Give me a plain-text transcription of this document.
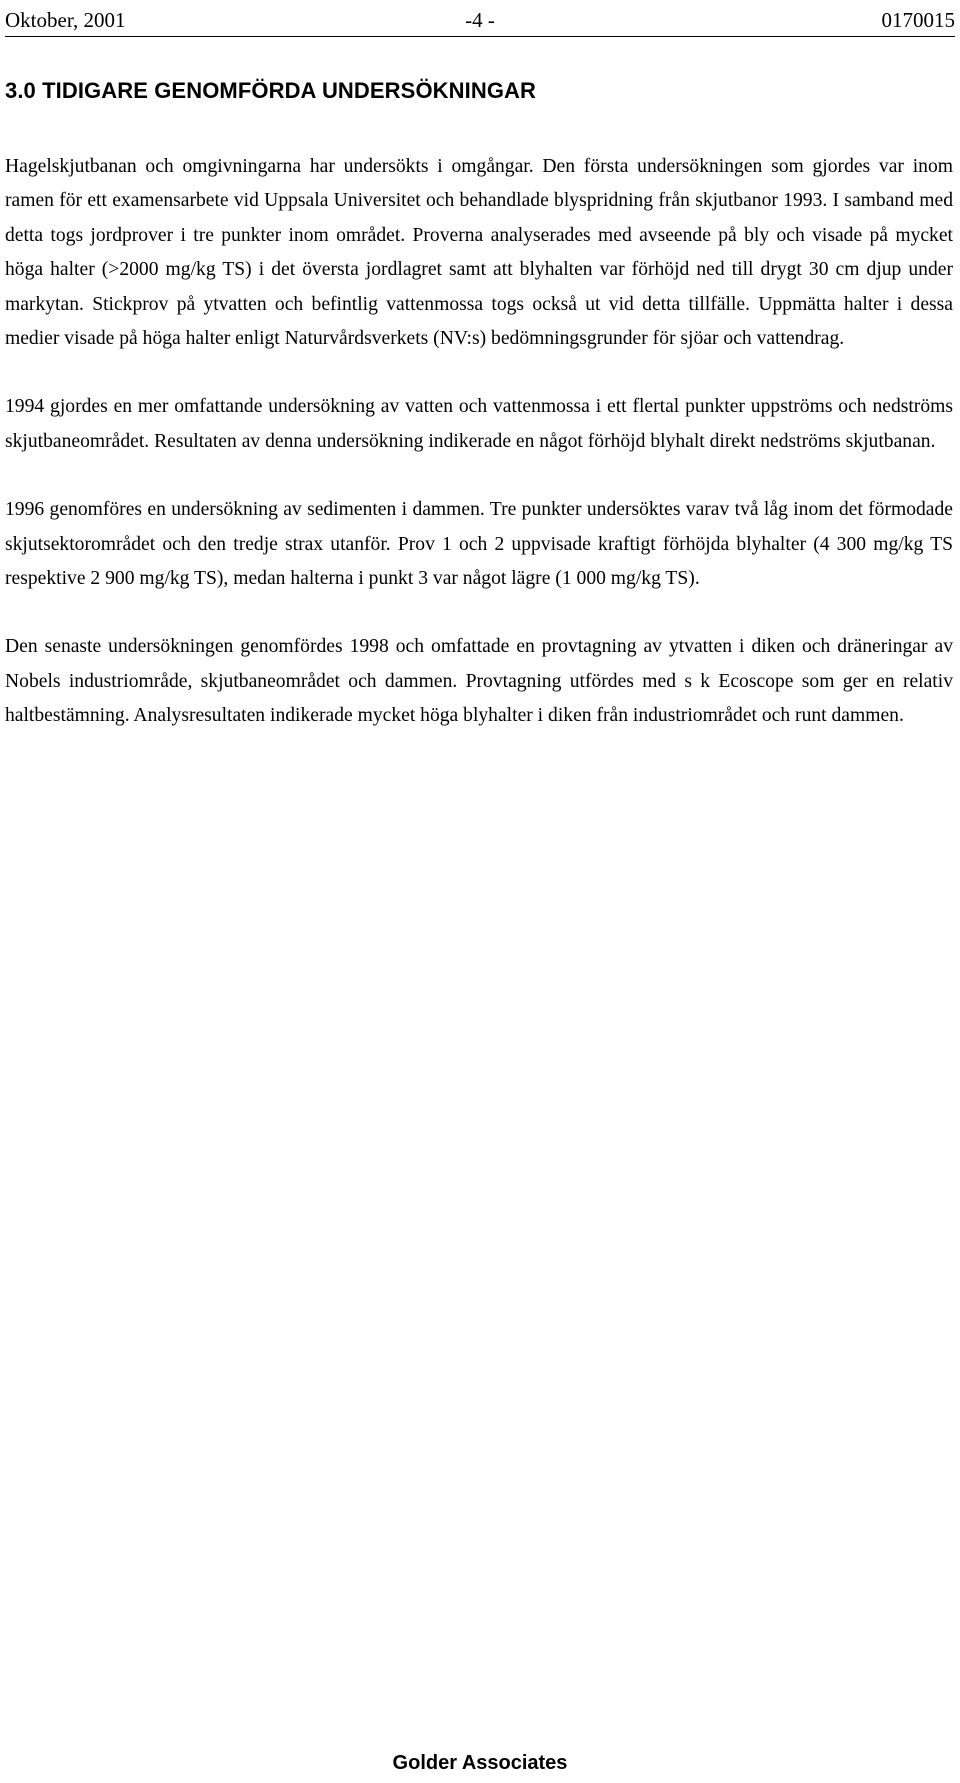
Oktober, 2001	-4 -	0170015
3.0 TIDIGARE GENOMFÖRDA UNDERSÖKNINGAR

Hagelskjutbanan och omgivningarna har undersökts i omgångar. Den första undersökningen som gjordes var inom ramen för ett examensarbete vid Uppsala Universitet och behandlade blyspridning från skjutbanor 1993. I samband med detta togs jordprover i tre punkter inom området. Proverna analyserades med avseende på bly och visade på mycket höga halter (>2000 mg/kg TS) i det översta jordlagret samt att blyhalten var förhöjd ned till drygt 30 cm djup under markytan. Stickprov på ytvatten och befintlig vattenmossa togs också ut vid detta tillfälle. Uppmätta halter i dessa medier visade på höga halter enligt Naturvårdsverkets (NV:s) bedömningsgrunder för sjöar och vattendrag.

1994 gjordes en mer omfattande undersökning av vatten och vattenmossa i ett flertal punkter uppströms och nedströms skjutbaneområdet. Resultaten av denna undersökning indikerade en något förhöjd blyhalt direkt nedströms skjutbanan.

1996 genomföres en undersökning av sedimenten i dammen. Tre punkter undersöktes varav två låg inom det förmodade skjutsektorområdet och den tredje strax utanför. Prov 1 och 2 uppvisade kraftigt förhöjda blyhalter (4 300 mg/kg TS respektive 2 900 mg/kg TS), medan halterna i punkt 3 var något lägre (1 000 mg/kg TS).

Den senaste undersökningen genomfördes 1998 och omfattade en provtagning av ytvatten i diken och dräneringar av Nobels industriområde, skjutbaneområdet och dammen. Provtagning utfördes med s k Ecoscope som ger en relativ haltbestämning. Analysresultaten indikerade mycket höga blyhalter i diken från industriområdet och runt dammen.

Golder Associates
